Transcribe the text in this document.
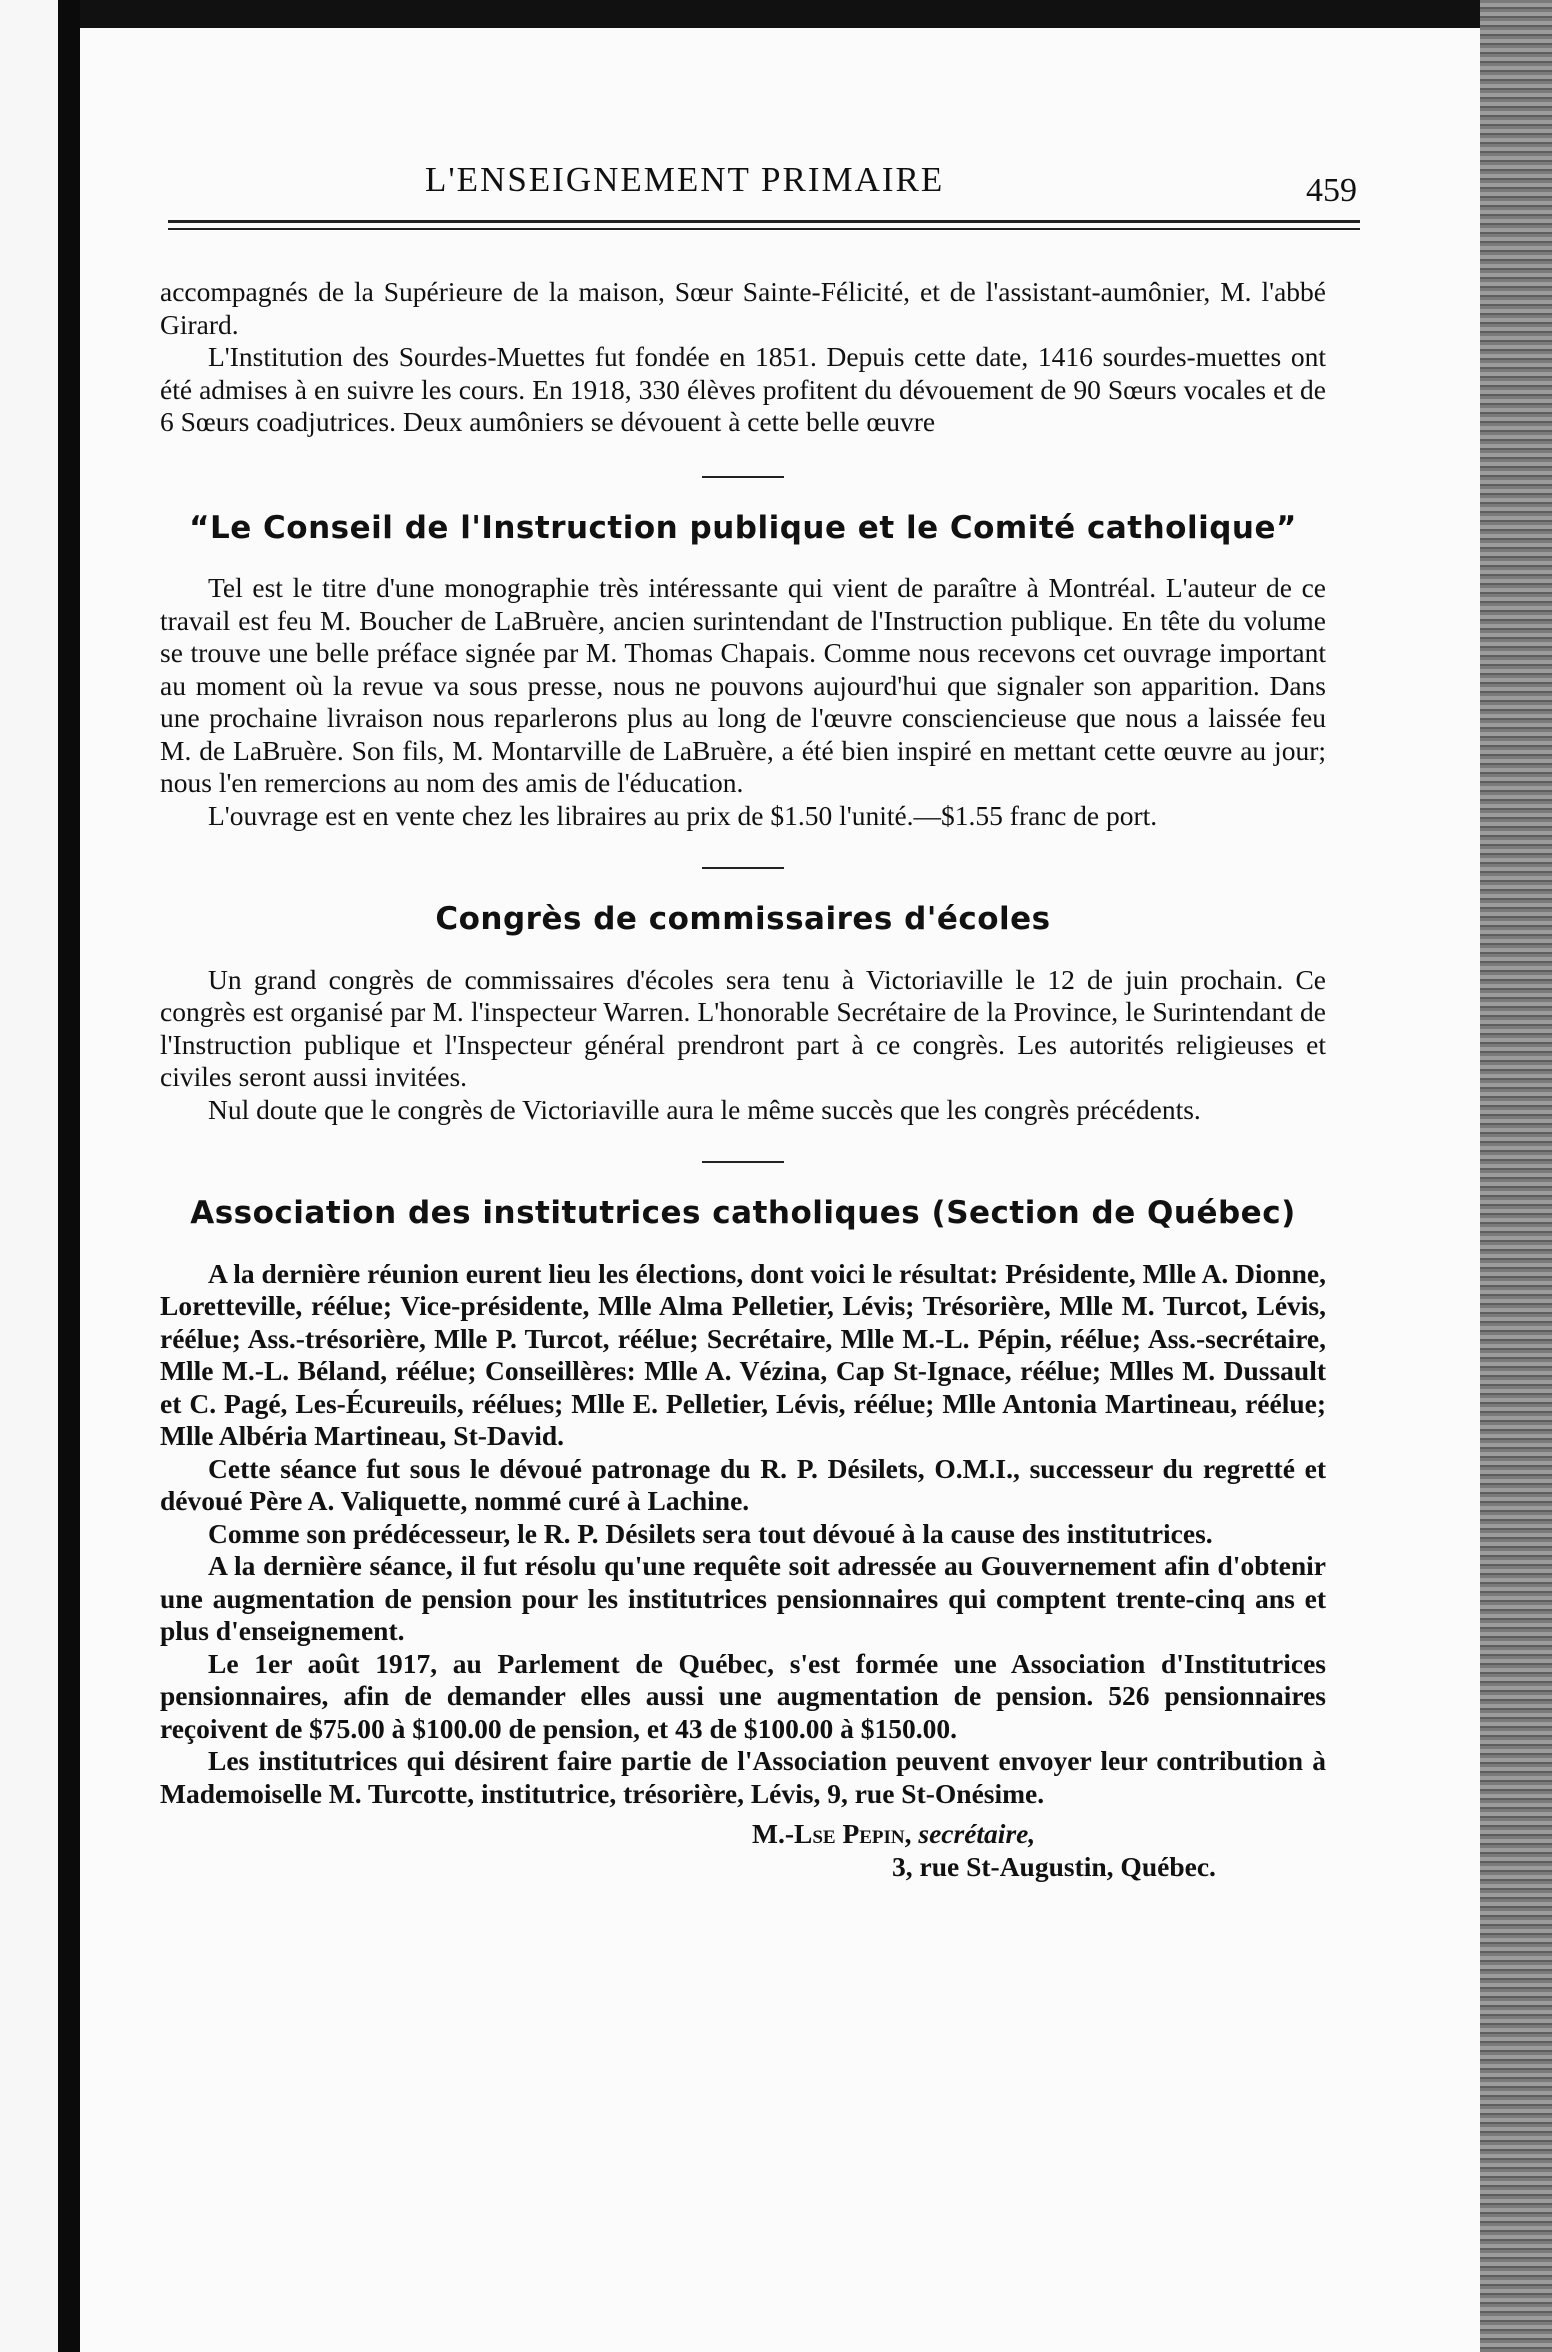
L'ENSEIGNEMENT PRIMAIRE	459

accompagnés de la Supérieure de la maison, Sœur Sainte-Félicité, et de l'assistant-aumônier, M. l'abbé Girard.

L'Institution des Sourdes-Muettes fut fondée en 1851. Depuis cette date, 1416 sourdes-muettes ont été admises à en suivre les cours. En 1918, 330 élèves profitent du dévouement de 90 Sœurs vocales et de 6 Sœurs coadjutrices. Deux aumôniers se dévouent à cette belle œuvre

“Le Conseil de l'Instruction publique et le Comité catholique”

Tel est le titre d'une monographie très intéressante qui vient de paraître à Montréal. L'auteur de ce travail est feu M. Boucher de LaBruère, ancien surintendant de l'Instruction publique. En tête du volume se trouve une belle préface signée par M. Thomas Chapais. Comme nous recevons cet ouvrage important au moment où la revue va sous presse, nous ne pouvons aujourd'hui que signaler son apparition. Dans une prochaine livraison nous reparlerons plus au long de l'œuvre consciencieuse que nous a laissée feu M. de LaBruère. Son fils, M. Montarville de LaBruère, a été bien inspiré en mettant cette œuvre au jour; nous l'en remercions au nom des amis de l'éducation.

L'ouvrage est en vente chez les libraires au prix de $1.50 l'unité.—$1.55 franc de port.

Congrès de commissaires d'écoles

Un grand congrès de commissaires d'écoles sera tenu à Victoriaville le 12 de juin prochain. Ce congrès est organisé par M. l'inspecteur Warren. L'honorable Secrétaire de la Province, le Surintendant de l'Instruction publique et l'Inspecteur général prendront part à ce congrès. Les autorités religieuses et civiles seront aussi invitées.

Nul doute que le congrès de Victoriaville aura le même succès que les congrès précédents.

Association des institutrices catholiques (Section de Québec)

A la dernière réunion eurent lieu les élections, dont voici le résultat: Présidente, Mlle A. Dionne, Loretteville, réélue; Vice-présidente, Mlle Alma Pelletier, Lévis; Trésorière, Mlle M. Turcot, Lévis, réélue; Ass.-trésorière, Mlle P. Turcot, réélue; Secrétaire, Mlle M.-L. Pépin, réélue; Ass.-secrétaire, Mlle M.-L. Béland, réélue; Conseillères: Mlle A. Vézina, Cap St-Ignace, réélue; Mlles M. Dussault et C. Pagé, Les-Écureuils, réélues; Mlle E. Pelletier, Lévis, réélue; Mlle Antonia Martineau, réélue; Mlle Albéria Martineau, St-David.

Cette séance fut sous le dévoué patronage du R. P. Désilets, O.M.I., successeur du regretté et dévoué Père A. Valiquette, nommé curé à Lachine.

Comme son prédécesseur, le R. P. Désilets sera tout dévoué à la cause des institutrices.

A la dernière séance, il fut résolu qu'une requête soit adressée au Gouvernement afin d'obtenir une augmentation de pension pour les institutrices pensionnaires qui comptent trente-cinq ans et plus d'enseignement.

Le 1er août 1917, au Parlement de Québec, s'est formée une Association d'Institutrices pensionnaires, afin de demander elles aussi une augmentation de pension. 526 pensionnaires reçoivent de $75.00 à $100.00 de pension, et 43 de $100.00 à $150.00.

Les institutrices qui désirent faire partie de l'Association peuvent envoyer leur contribution à Mademoiselle M. Turcotte, institutrice, trésorière, Lévis, 9, rue St-Onésime.

M.-Lse Pepin, secrétaire,
3, rue St-Augustin, Québec.
